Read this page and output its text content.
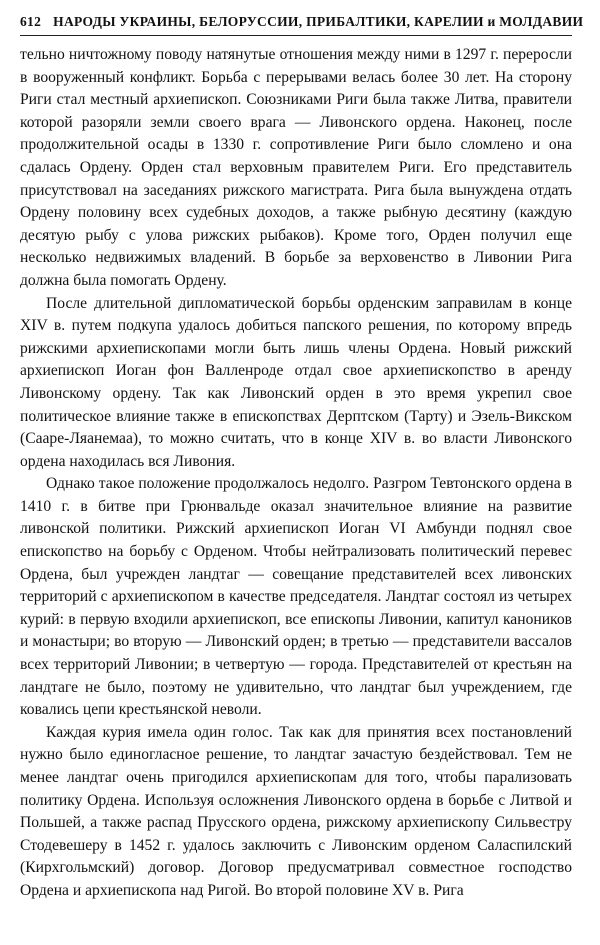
612 НАРОДЫ УКРАИНЫ, БЕЛОРУССИИ, ПРИБАЛТИКИ, КАРЕЛИИ и МОЛДАВИИ

тельно ничтожному поводу натянутые отношения между ними в 1297 г. переросли в вооруженный конфликт. Борьба с перерывами велась более 30 лет. На сторону Риги стал местный архиепископ. Союзниками Риги была также Литва, правители которой разоряли земли своего врага — Ливонского ордена. Наконец, после продолжительной осады в 1330 г. сопротивление Риги было сломлено и она сдалась Ордену. Орден стал верховным правителем Риги. Его представитель присутствовал на заседаниях рижского магистрата. Рига была вынуждена отдать Ордену половину всех судебных доходов, а также рыбную десятину (каждую десятую рыбу с улова рижских рыбаков). Кроме того, Орден получил еще несколько недвижимых владений. В борьбе за верховенство в Ливонии Рига должна была помогать Ордену.

После длительной дипломатической борьбы орденским заправилам в конце XIV в. путем подкупа удалось добиться папского решения, по которому впредь рижскими архиепископами могли быть лишь члены Ордена. Новый рижский архиепископ Иоган фон Валленроде отдал свое архиепископство в аренду Ливонскому ордену. Так как Ливонский орден в это время укрепил свое политическое влияние также в епископствах Дерптском (Тарту) и Эзель-Викском (Сааре-Ляанемаа), то можно считать, что в конце XIV в. во власти Ливонского ордена находилась вся Ливония.

Однако такое положение продолжалось недолго. Разгром Тевтонского ордена в 1410 г. в битве при Грюнвальде оказал значительное влияние на развитие ливонской политики. Рижский архиепископ Иоган VI Амбунди поднял свое епископство на борьбу с Орденом. Чтобы нейтрализовать политический перевес Ордена, был учрежден ландтаг — совещание представителей всех ливонских территорий с архиепископом в качестве председателя. Ландтаг состоял из четырех курий: в первую входили архиепископ, все епископы Ливонии, капитул каноников и монастыри; во вторую — Ливонский орден; в третью — представители вассалов всех территорий Ливонии; в четвертую — города. Представителей от крестьян на ландтаге не было, поэтому не удивительно, что ландтаг был учреждением, где ковались цепи крестьянской неволи.

Каждая курия имела один голос. Так как для принятия всех постановлений нужно было единогласное решение, то ландтаг зачастую бездействовал. Тем не менее ландтаг очень пригодился архиепископам для того, чтобы парализовать политику Ордена. Используя осложнения Ливонского ордена в борьбе с Литвой и Польшей, а также распад Прусского ордена, рижскому архиепископу Сильвестру Стодевешеру в 1452 г. удалось заключить с Ливонским орденом Саласпилский (Кирхгольмский) договор. Договор предусматривал совместное господство Ордена и архиепископа над Ригой. Во второй половине XV в. Рига
